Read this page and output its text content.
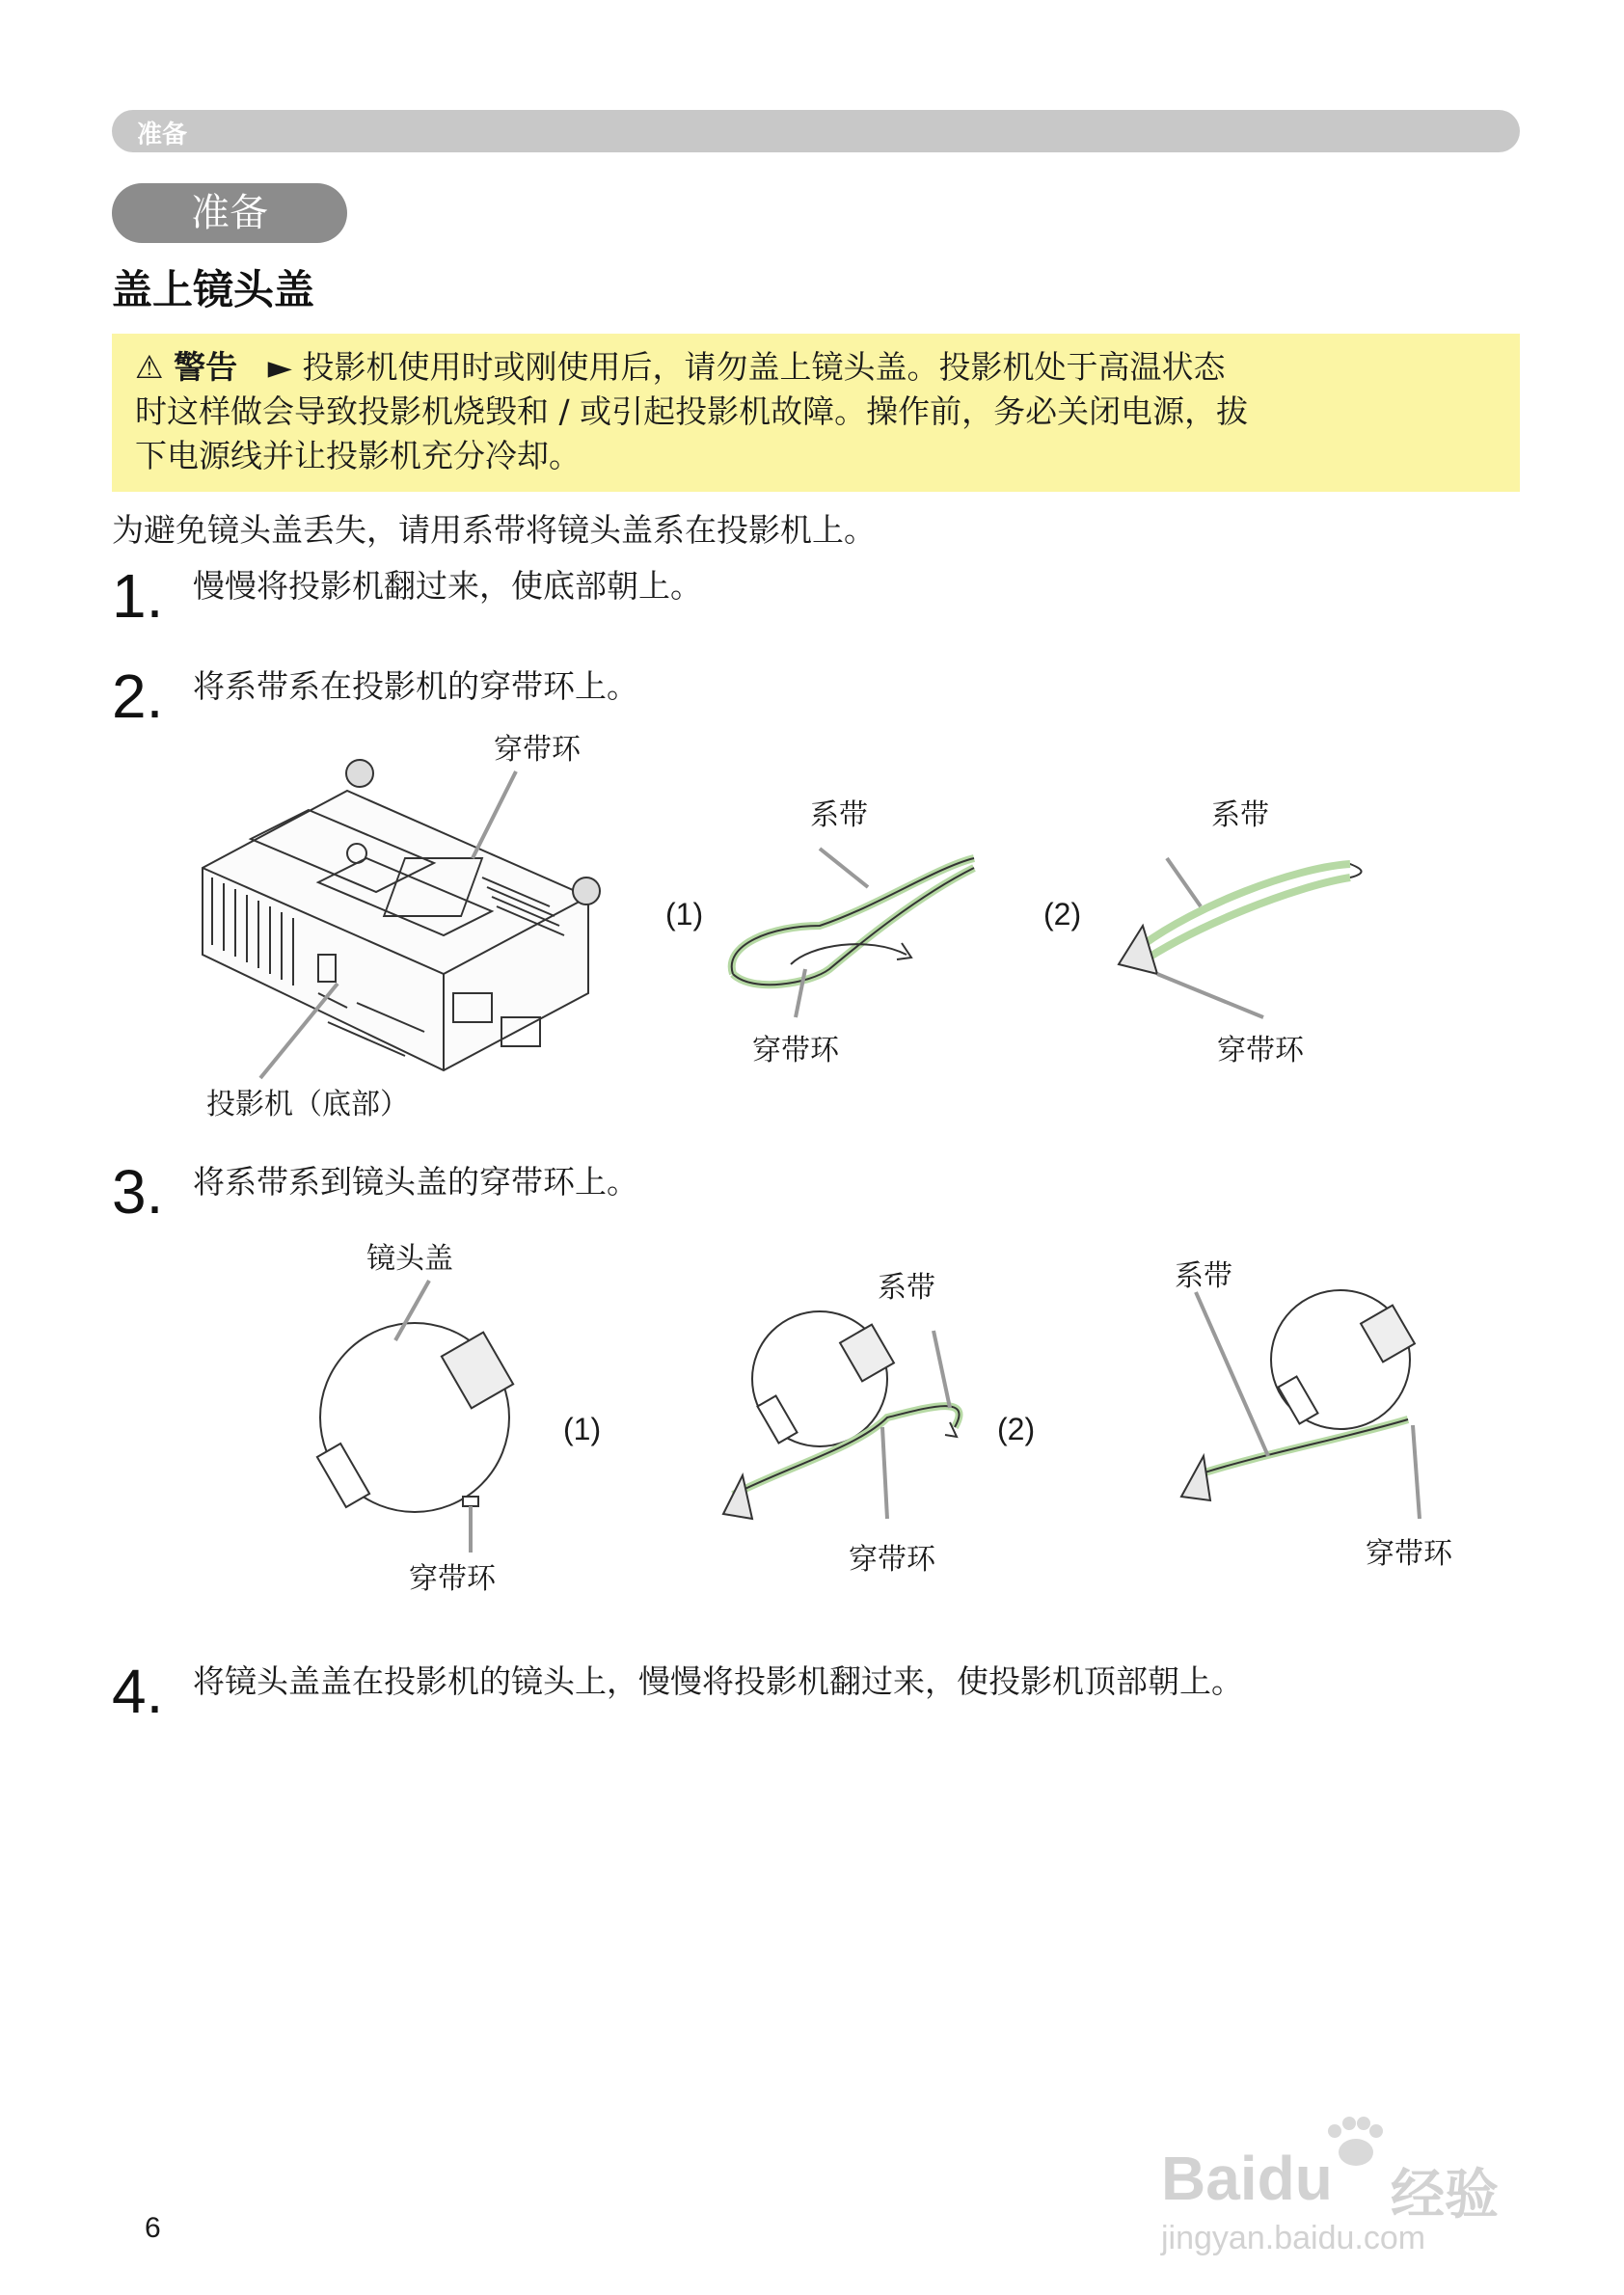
准备
准备
盖上镜头盖
⚠ 警告 ► 投影机使用时或刚使用后，请勿盖上镜头盖。投影机处于高温状态
时这样做会导致投影机烧毁和 / 或引起投影机故障。操作前，务必关闭电源，拔
下电源线并让投影机充分冷却。
为避免镜头盖丢失，请用系带将镜头盖系在投影机上。
1. 慢慢将投影机翻过来，使底部朝上。
2. 将系带系在投影机的穿带环上。
穿带环
投影机（底部）
(1)
系带
穿带环
(2)
系带
穿带环
3. 将系带系到镜头盖的穿带环上。
镜头盖
穿带环
(1)
系带
穿带环
(2)
系带
穿带环
4. 将镜头盖盖在投影机的镜头上，慢慢将投影机翻过来，使投影机顶部朝上。
6
Baidu 经验
jingyan.baidu.com
